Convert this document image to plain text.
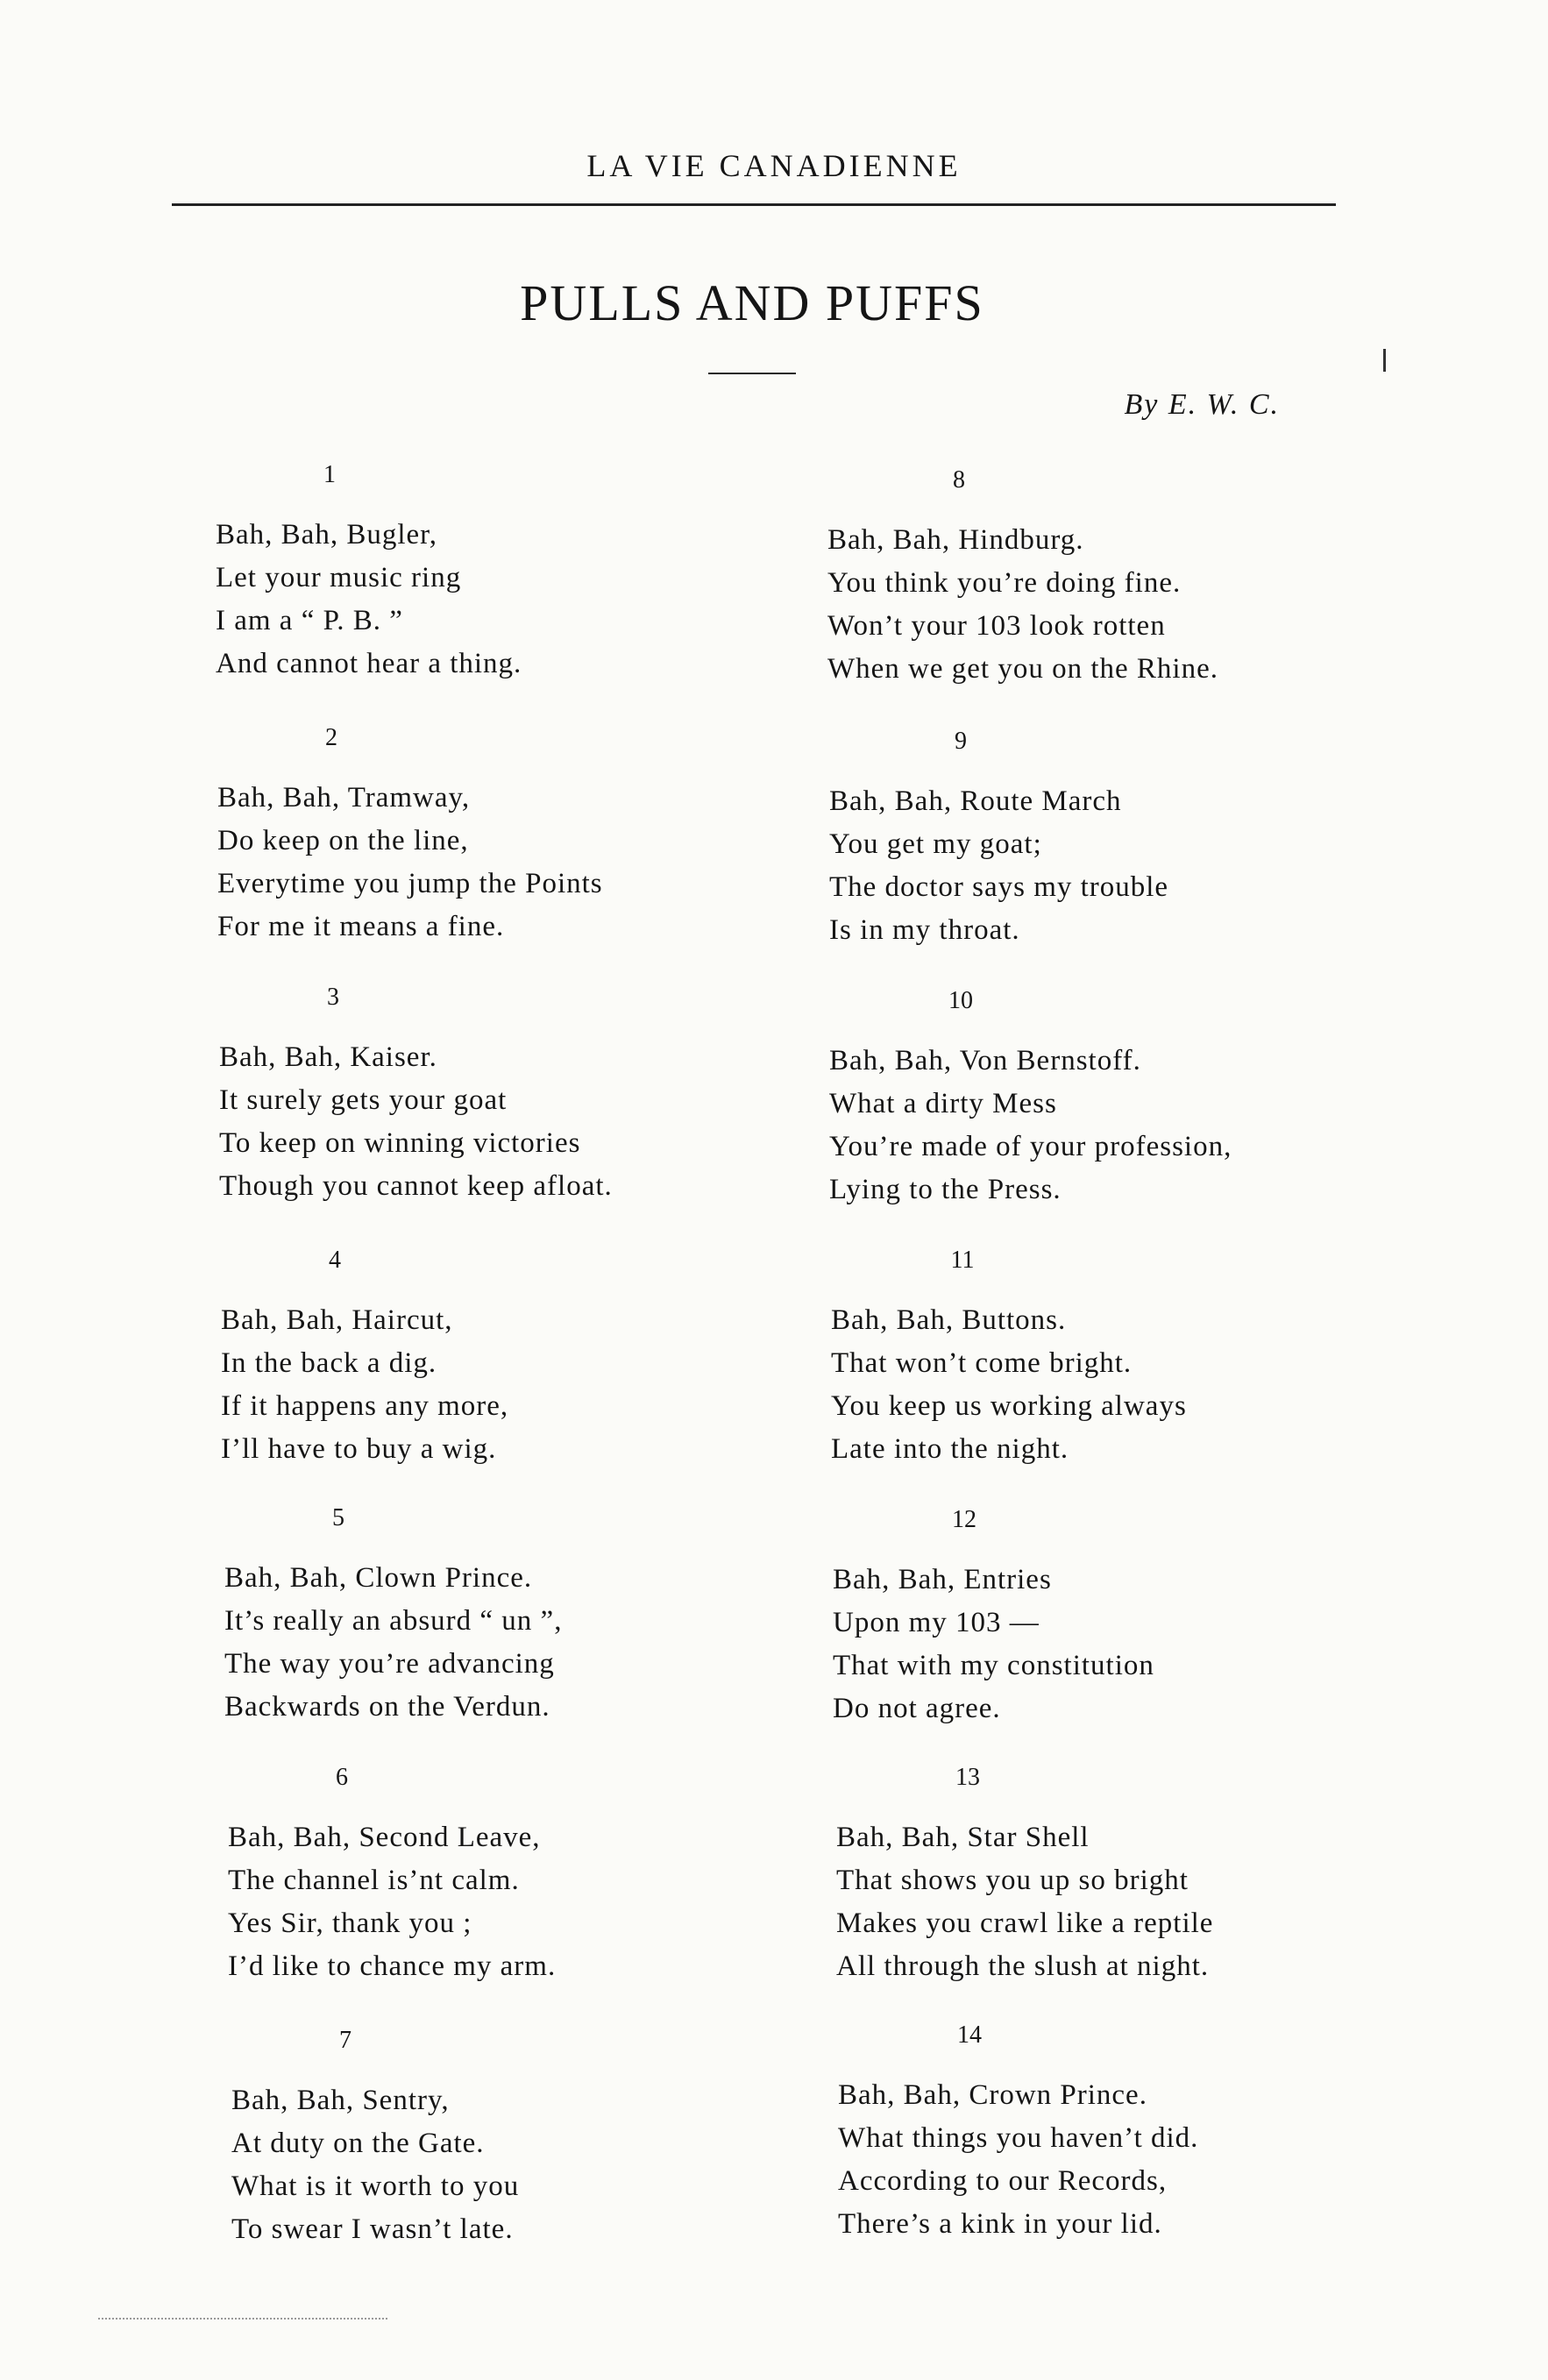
LA VIE CANADIENNE
PULLS AND PUFFS
By E. W. C.
1
Bah, Bah, Bugler,
Let your music ring
I am a “ P. B. ”
And cannot hear a thing.
2
Bah, Bah, Tramway,
Do keep on the line,
Everytime you jump the Points
For me it means a fine.
3
Bah, Bah, Kaiser.
It surely gets your goat
To keep on winning victories
Though you cannot keep afloat.
4
Bah, Bah, Haircut,
In the back a dig.
If it happens any more,
I’ll have to buy a wig.
5
Bah, Bah, Clown Prince.
It’s really an absurd “ un ”,
The way you’re advancing
Backwards on the Verdun.
6
Bah, Bah, Second Leave,
The channel is’nt calm.
Yes Sir, thank you ;
I’d like to chance my arm.
7
Bah, Bah, Sentry,
At duty on the Gate.
What is it worth to you
To swear I wasn’t late.
8
Bah, Bah, Hindburg.
You think you’re doing fine.
Won’t your 103 look rotten
When we get you on the Rhine.
9
Bah, Bah, Route March
You get my goat;
The doctor says my trouble
Is in my throat.
10
Bah, Bah, Von Bernstoff.
What a dirty Mess
You’re made of your profession,
Lying to the Press.
11
Bah, Bah, Buttons.
That won’t come bright.
You keep us working always
Late into the night.
12
Bah, Bah, Entries
Upon my 103 —
That with my constitution
Do not agree.
13
Bah, Bah, Star Shell
That shows you up so bright
Makes you crawl like a reptile
All through the slush at night.
14
Bah, Bah, Crown Prince.
What things you haven’t did.
According to our Records,
There’s a kink in your lid.
